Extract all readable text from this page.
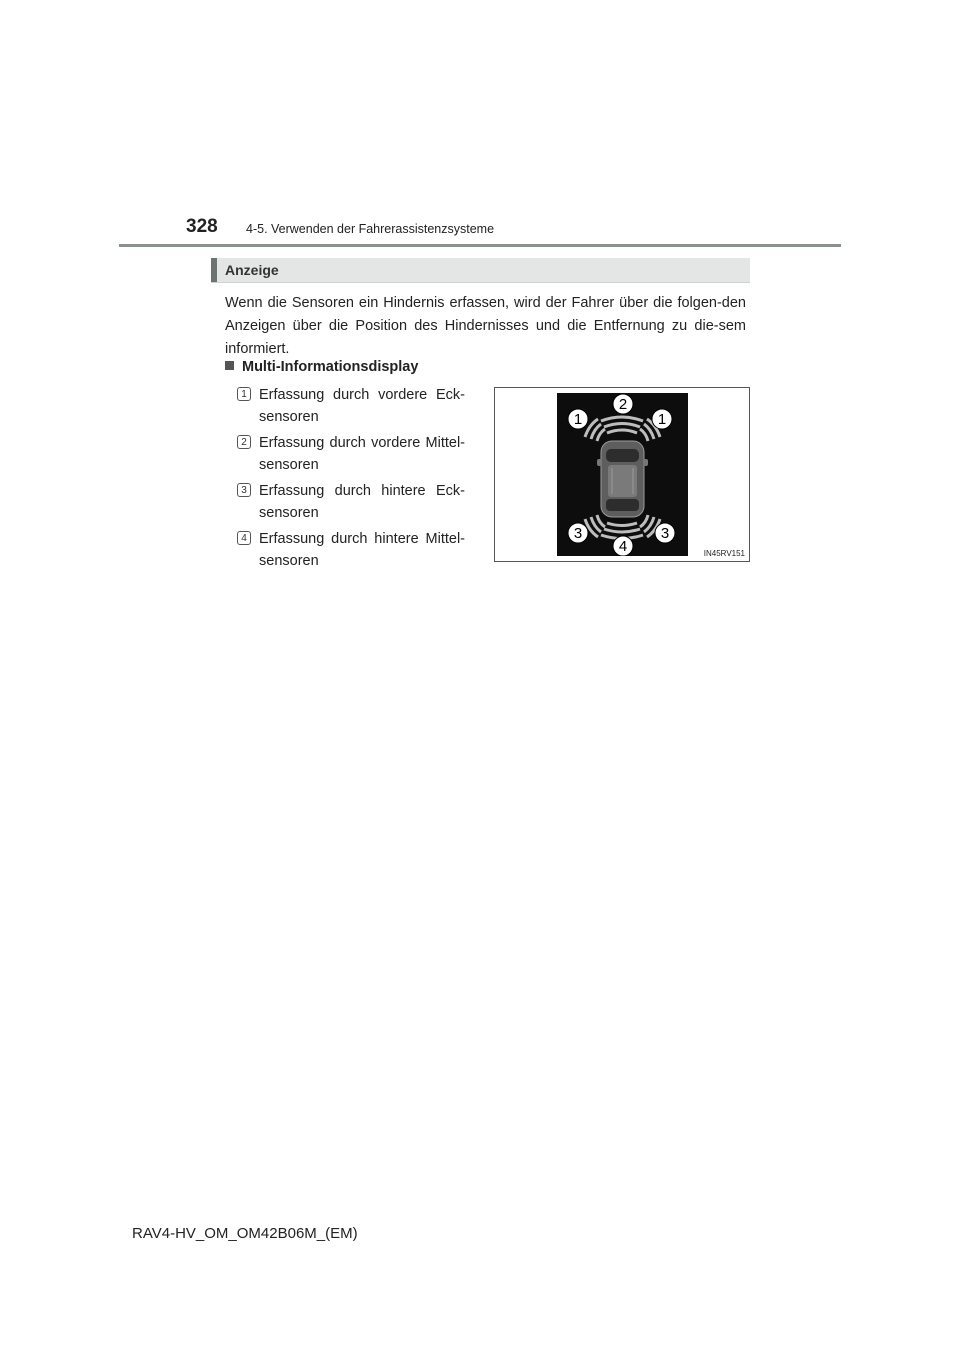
328 4-5. Verwenden der Fahrerassistenzsysteme
Anzeige
Wenn die Sensoren ein Hindernis erfassen, wird der Fahrer über die folgen-den Anzeigen über die Position des Hindernisses und die Entfernung zu die-sem informiert.
Multi-Informationsdisplay
1 Erfassung durch vordere Eck-sensoren
2 Erfassung durch vordere Mittel-sensoren
3 Erfassung durch hintere Eck-sensoren
4 Erfassung durch hintere Mittel-sensoren
1
2
1
3
4
3
IN45RV151
RAV4-HV_OM_OM42B06M_(EM)
